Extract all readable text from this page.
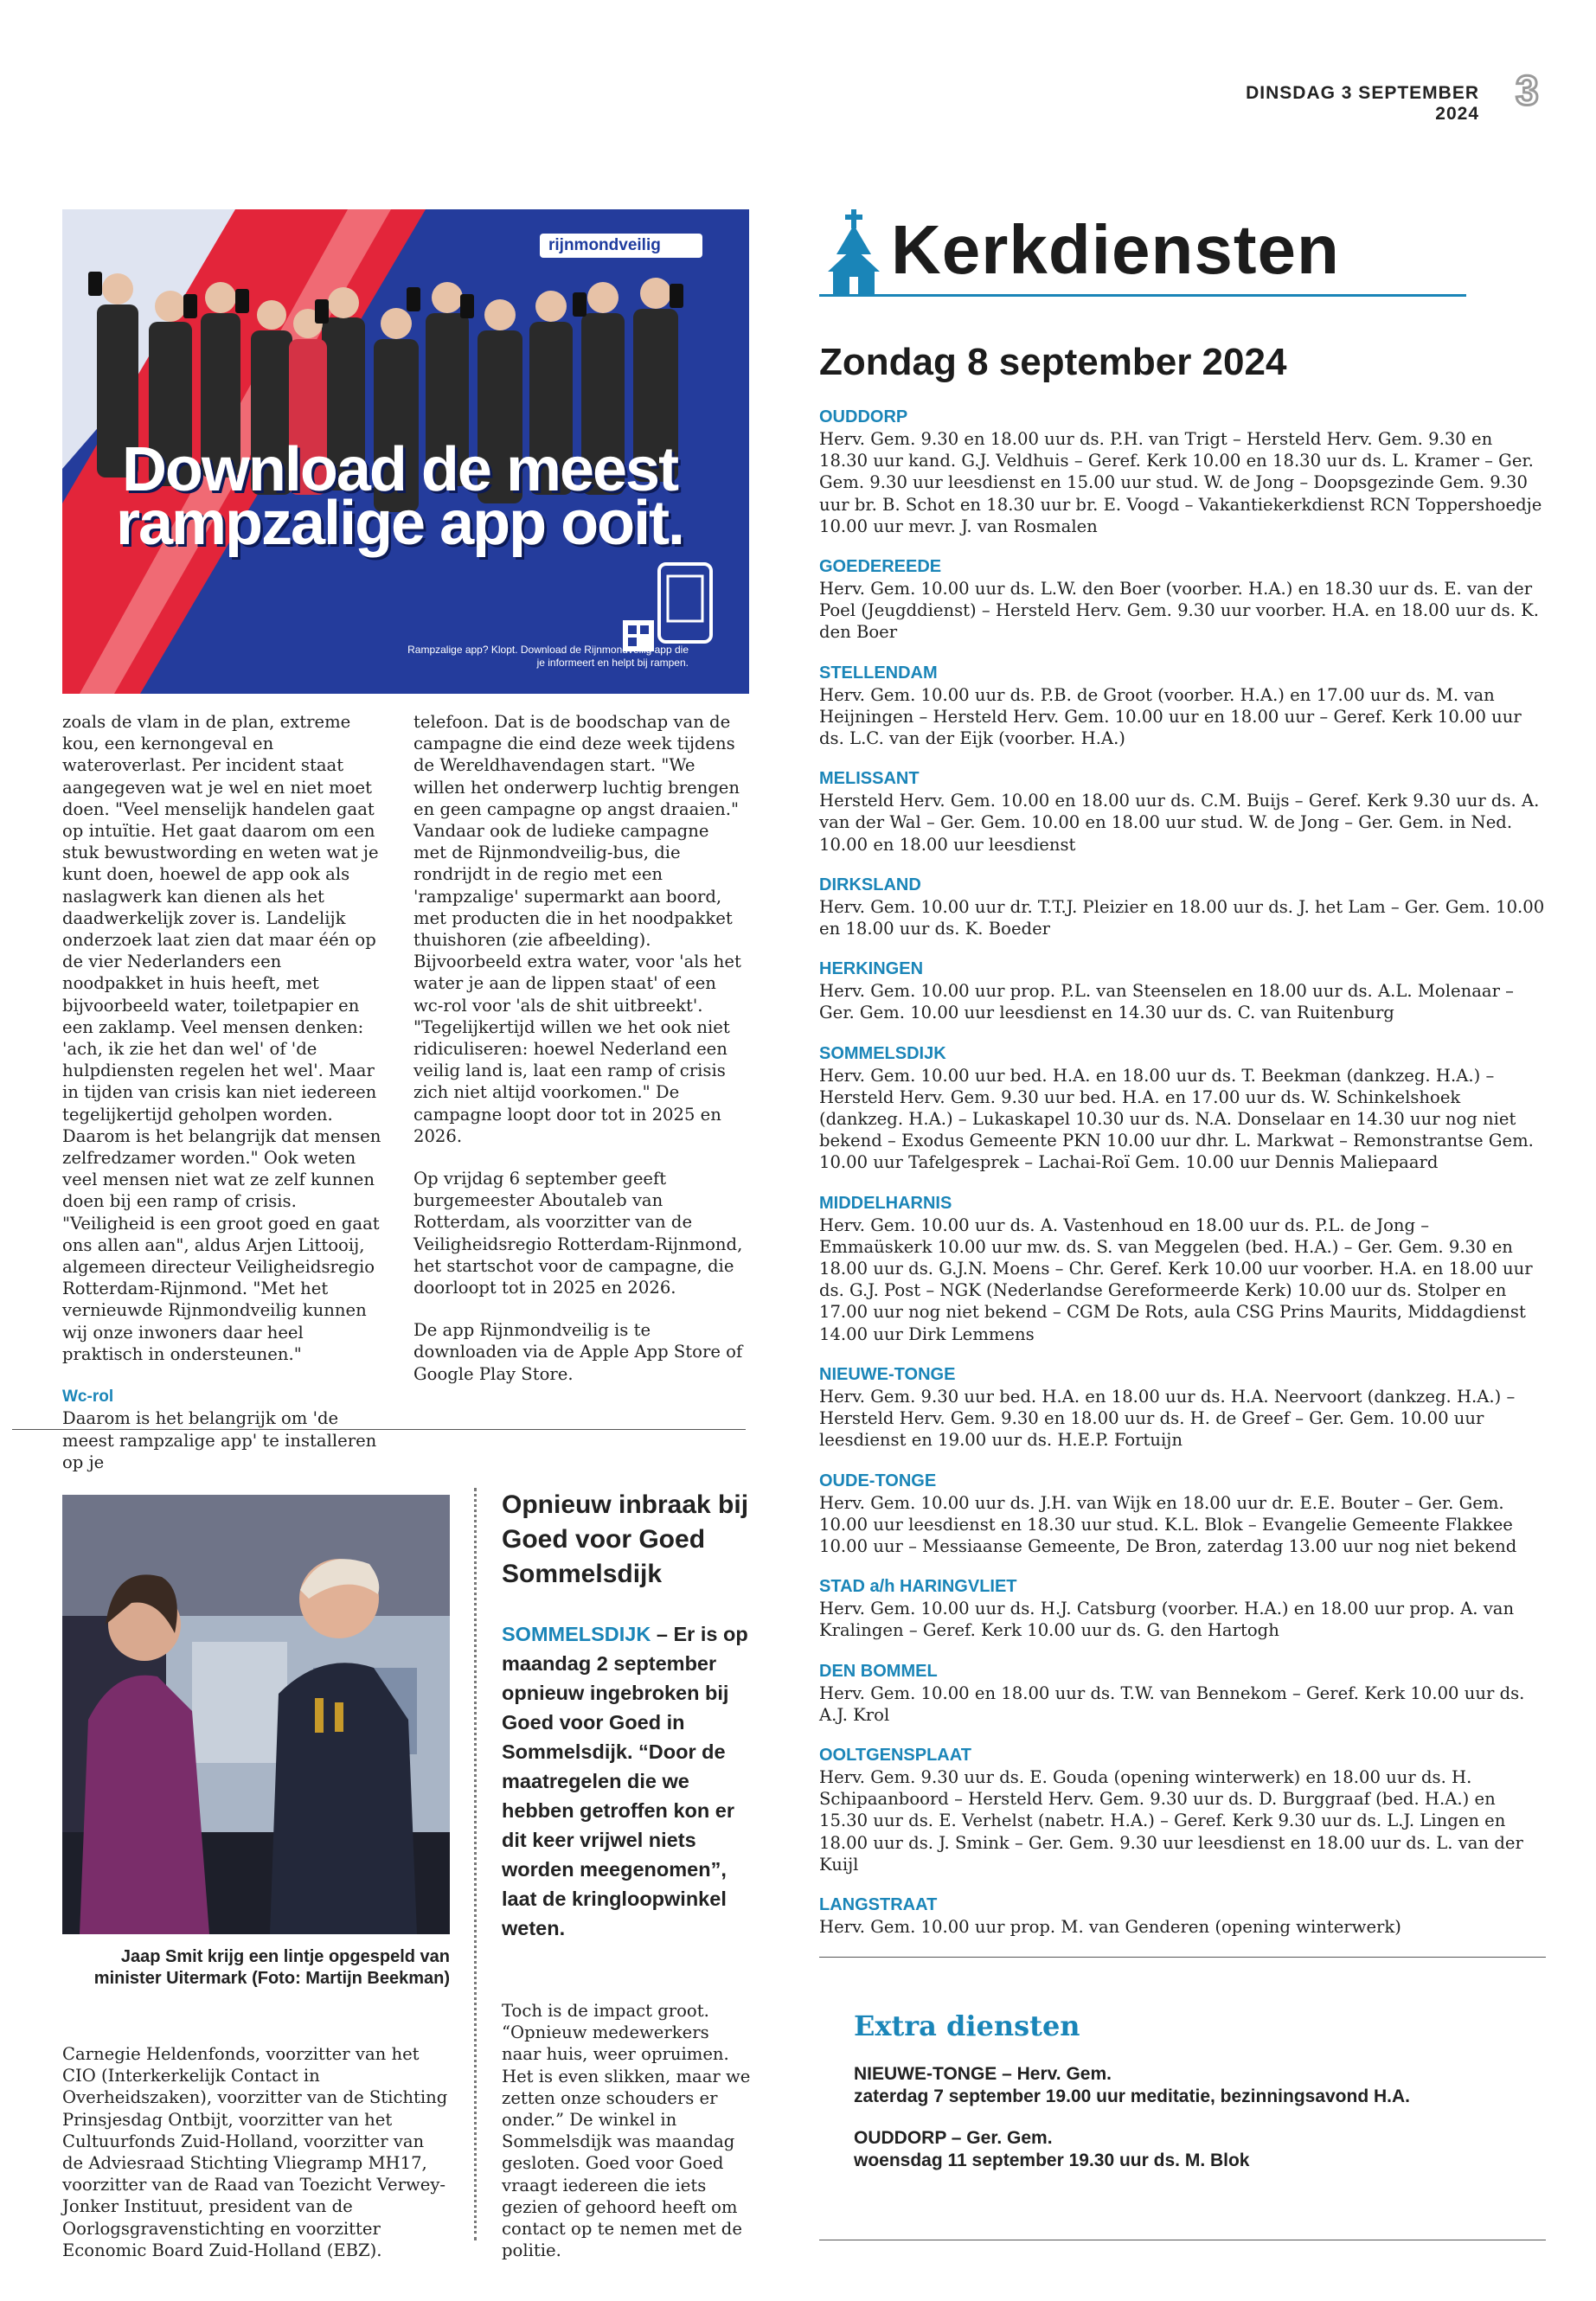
DINSDAG 3 SEPTEMBER 2024 3
rijnmondveilig
Download de meest rampzalige app ooit.
Rampzalige app? Klopt. Download de Rijnmondveilig app die je informeert en helpt bij rampen.

zoals de vlam in de plan, extreme kou, een kernongeval en wateroverlast. Per incident staat aangegeven wat je wel en niet moet doen. "Veel menselijk handelen gaat op intuïtie. Het gaat daarom om een stuk bewustwording en weten wat je kunt doen, hoewel de app ook als naslagwerk kan dienen als het daadwerkelijk zover is. Landelijk onderzoek laat zien dat maar één op de vier Nederlanders een noodpakket in huis heeft, met bijvoorbeeld water, toiletpapier en een zaklamp. Veel mensen denken: 'ach, ik zie het dan wel' of 'de hulpdiensten regelen het wel'. Maar in tijden van crisis kan niet iedereen tegelijkertijd geholpen worden. Daarom is het belangrijk dat mensen zelfredzamer worden." Ook weten veel mensen niet wat ze zelf kunnen doen bij een ramp of crisis. "Veiligheid is een groot goed en gaat ons allen aan", aldus Arjen Littooij, algemeen directeur Veiligheidsregio Rotterdam-Rijnmond. "Met het vernieuwde Rijnmondveilig kunnen wij onze inwoners daar heel praktisch in ondersteunen."

Wc-rol

Daarom is het belangrijk om 'de meest rampzalige app' te installeren op je

telefoon. Dat is de boodschap van de campagne die eind deze week tijdens de Wereldhavendagen start. "We willen het onderwerp luchtig brengen en geen campagne op angst draaien." Vandaar ook de ludieke campagne met de Rijnmondveilig-bus, die rondrijdt in de regio met een 'rampzalige' supermarkt aan boord, met producten die in het noodpakket thuishoren (zie afbeelding). Bijvoorbeeld extra water, voor 'als het water je aan de lippen staat' of een wc-rol voor 'als de shit uitbreekt'. "Tegelijkertijd willen we het ook niet ridiculiseren: hoewel Nederland een veilig land is, laat een ramp of crisis zich niet altijd voorkomen." De campagne loopt door tot in 2025 en 2026.

Op vrijdag 6 september geeft burgemeester Aboutaleb van Rotterdam, als voorzitter van de Veiligheidsregio Rotterdam-Rijnmond, het startschot voor de campagne, die doorloopt tot in 2025 en 2026.

De app Rijnmondveilig is te downloaden via de Apple App Store of Google Play Store.

Jaap Smit krijg een lintje opgespeld van minister Uitermark (Foto: Martijn Beekman)
Carnegie Heldenfonds, voorzitter van het CIO (Interkerkelijk Contact in Overheidszaken), voorzitter van de Stichting Prinsjesdag Ontbijt, voorzitter van het Cultuurfonds Zuid-Holland, voorzitter van de Adviesraad Stichting Vliegramp MH17, voorzitter van de Raad van Toezicht Verwey-Jonker Instituut, president van de Oorlogsgravenstichting en voorzitter Economic Board Zuid-Holland (EBZ).
Opnieuw inbraak bij Goed voor Goed Sommelsdijk
SOMMELSDIJK – Er is op maandag 2 september opnieuw ingebroken bij Goed voor Goed in Sommelsdijk. “Door de maatregelen die we hebben getroffen kon er dit keer vrijwel niets worden meegenomen”, laat de kringloopwinkel weten.
Toch is de impact groot. “Opnieuw medewerkers naar huis, weer opruimen. Het is even slikken, maar we zetten onze schouders er onder.” De winkel in Sommelsdijk was maandag gesloten. Goed voor Goed vraagt iedereen die iets gezien of gehoord heeft om contact op te nemen met de politie.
Kerkdiensten
Zondag 8 september 2024
OUDDORP
Herv. Gem. 9.30 en 18.00 uur ds. P.H. van Trigt – Hersteld Herv. Gem. 9.30 en 18.30 uur kand. G.J. Veldhuis – Geref. Kerk 10.00 en 18.30 uur ds. L. Kramer – Ger. Gem. 9.30 uur leesdienst en 15.00 uur stud. W. de Jong – Doopsgezinde Gem. 9.30 uur br. B. Schot en 18.30 uur br. E. Voogd – Vakantiekerkdienst RCN Toppershoedje 10.00 uur mevr. J. van Rosmalen
GOEDEREEDE
Herv. Gem. 10.00 uur ds. L.W. den Boer (voorber. H.A.) en 18.30 uur ds. E. van der Poel (Jeugddienst) – Hersteld Herv. Gem. 9.30 uur voorber. H.A. en 18.00 uur ds. K. den Boer
STELLENDAM
Herv. Gem. 10.00 uur ds. P.B. de Groot (voorber. H.A.) en 17.00 uur ds. M. van Heijningen – Hersteld Herv. Gem. 10.00 uur en 18.00 uur – Geref. Kerk 10.00 uur ds. L.C. van der Eijk (voorber. H.A.)
MELISSANT
Hersteld Herv. Gem. 10.00 en 18.00 uur ds. C.M. Buijs – Geref. Kerk 9.30 uur ds. A. van der Wal – Ger. Gem. 10.00 en 18.00 uur stud. W. de Jong – Ger. Gem. in Ned. 10.00 en 18.00 uur leesdienst
DIRKSLAND
Herv. Gem. 10.00 uur dr. T.T.J. Pleizier en 18.00 uur ds. J. het Lam – Ger. Gem. 10.00 en 18.00 uur ds. K. Boeder
HERKINGEN
Herv. Gem. 10.00 uur prop. P.L. van Steenselen en 18.00 uur ds. A.L. Molenaar – Ger. Gem. 10.00 uur leesdienst en 14.30 uur ds. C. van Ruitenburg
SOMMELSDIJK
Herv. Gem. 10.00 uur bed. H.A. en 18.00 uur ds. T. Beekman (dankzeg. H.A.) – Hersteld Herv. Gem. 9.30 uur bed. H.A. en 17.00 uur ds. W. Schinkelshoek (dankzeg. H.A.) – Lukaskapel 10.30 uur ds. N.A. Donselaar en 14.30 uur nog niet bekend – Exodus Gemeente PKN 10.00 uur dhr. L. Markwat – Remonstrantse Gem. 10.00 uur Tafelgesprek – Lachai-Roï Gem. 10.00 uur Dennis Maliepaard
MIDDELHARNIS
Herv. Gem. 10.00 uur ds. A. Vastenhoud en 18.00 uur ds. P.L. de Jong – Emmaüskerk 10.00 uur mw. ds. S. van Meggelen (bed. H.A.) – Ger. Gem. 9.30 en 18.00 uur ds. G.J.N. Moens – Chr. Geref. Kerk 10.00 uur voorber. H.A. en 18.00 uur ds. G.J. Post – NGK (Nederlandse Gereformeerde Kerk) 10.00 uur ds. Stolper en 17.00 uur nog niet bekend – CGM De Rots, aula CSG Prins Maurits, Middagdienst 14.00 uur Dirk Lemmens
NIEUWE-TONGE
Herv. Gem. 9.30 uur bed. H.A. en 18.00 uur ds. H.A. Neervoort (dankzeg. H.A.) – Hersteld Herv. Gem. 9.30 en 18.00 uur ds. H. de Greef – Ger. Gem. 10.00 uur leesdienst en 19.00 uur ds. H.E.P. Fortuijn
OUDE-TONGE
Herv. Gem. 10.00 uur ds. J.H. van Wijk en 18.00 uur dr. E.E. Bouter – Ger. Gem. 10.00 uur leesdienst en 18.30 uur stud. K.L. Blok – Evangelie Gemeente Flakkee 10.00 uur – Messiaanse Gemeente, De Bron, zaterdag 13.00 uur nog niet bekend
STAD a/h HARINGVLIET
Herv. Gem. 10.00 uur ds. H.J. Catsburg (voorber. H.A.) en 18.00 uur prop. A. van Kralingen – Geref. Kerk 10.00 uur ds. G. den Hartogh
DEN BOMMEL
Herv. Gem. 10.00 en 18.00 uur ds. T.W. van Bennekom – Geref. Kerk 10.00 uur ds. A.J. Krol
OOLTGENSPLAAT
Herv. Gem. 9.30 uur ds. E. Gouda (opening winterwerk) en 18.00 uur ds. H. Schipaanboord – Hersteld Herv. Gem. 9.30 uur ds. D. Burggraaf (bed. H.A.) en 15.30 uur ds. E. Verhelst (nabetr. H.A.) – Geref. Kerk 9.30 uur ds. L.J. Lingen en 18.00 uur ds. J. Smink – Ger. Gem. 9.30 uur leesdienst en 18.00 uur ds. L. van der Kuijl
LANGSTRAAT
Herv. Gem. 10.00 uur prop. M. van Genderen (opening winterwerk)
Extra diensten
NIEUWE-TONGE – Herv. Gem.
zaterdag 7 september 19.00 uur meditatie, bezinningsavond H.A.
OUDDORP – Ger. Gem.
woensdag 11 september 19.30 uur ds. M. Blok
